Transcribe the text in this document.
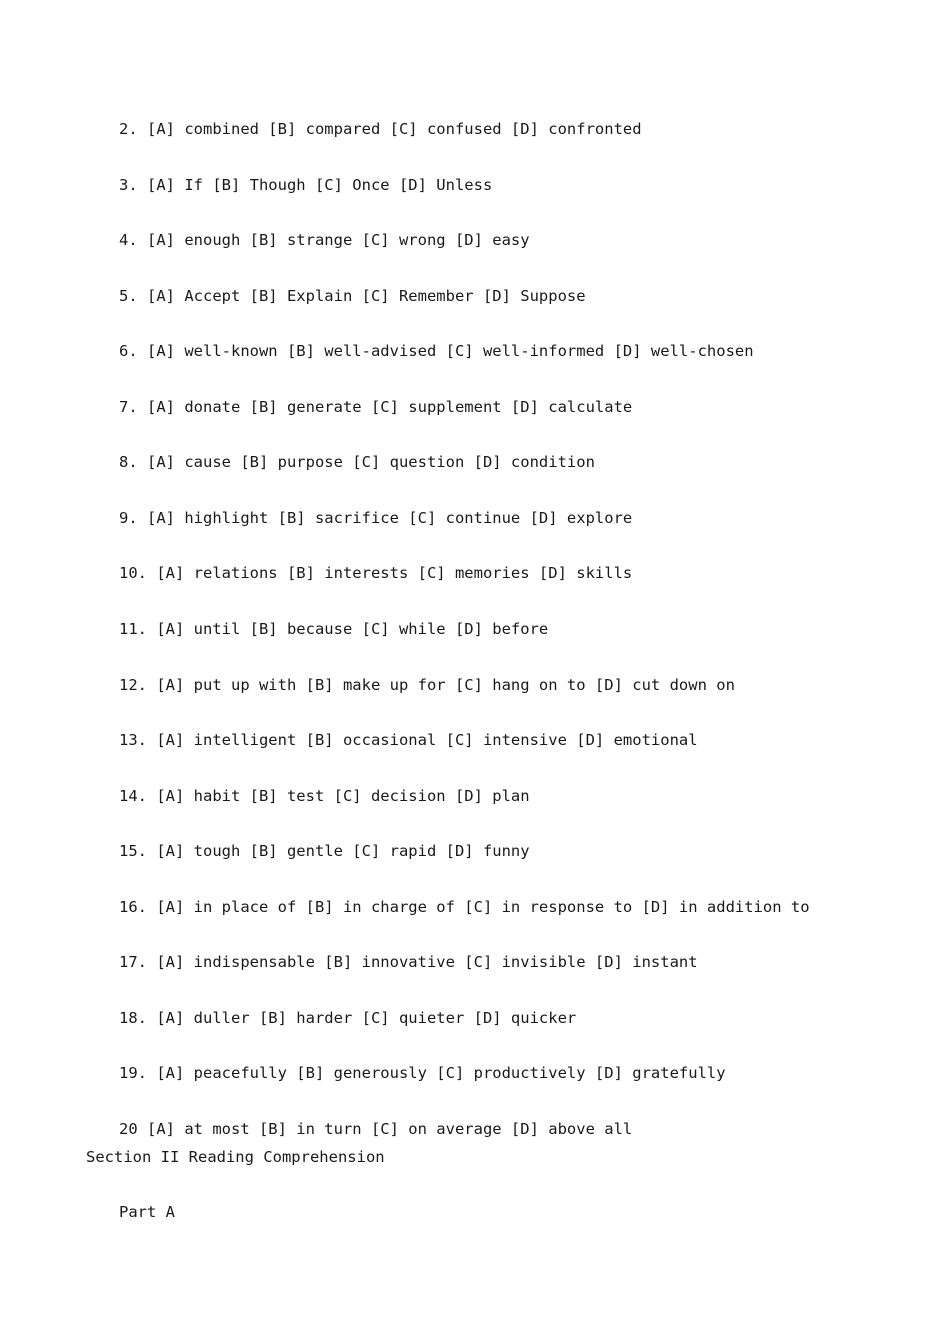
2. [A] combined [B] compared [C] confused [D] confronted
3. [A] If [B] Though [C] Once [D] Unless
4. [A] enough [B] strange [C] wrong [D] easy
5. [A] Accept [B] Explain [C] Remember [D] Suppose
6. [A] well-known [B] well-advised [C] well-informed [D] well-chosen
7. [A] donate [B] generate [C] supplement [D] calculate
8. [A] cause [B] purpose [C] question [D] condition
9. [A] highlight [B] sacrifice [C] continue [D] explore
10. [A] relations [B] interests [C] memories [D] skills
11. [A] until [B] because [C] while [D] before
12. [A] put up with [B] make up for [C] hang on to [D] cut down on
13. [A] intelligent [B] occasional [C] intensive [D] emotional
14. [A] habit [B] test [C] decision [D] plan
15. [A] tough [B] gentle [C] rapid [D] funny
16. [A] in place of [B] in charge of [C] in response to [D] in addition to
17. [A] indispensable [B] innovative [C] invisible [D] instant
18. [A] duller [B] harder [C] quieter [D] quicker
19. [A] peacefully [B] generously [C] productively [D] gratefully
20 [A] at most [B] in turn [C] on average [D] above all
Section II Reading Comprehension
Part A
